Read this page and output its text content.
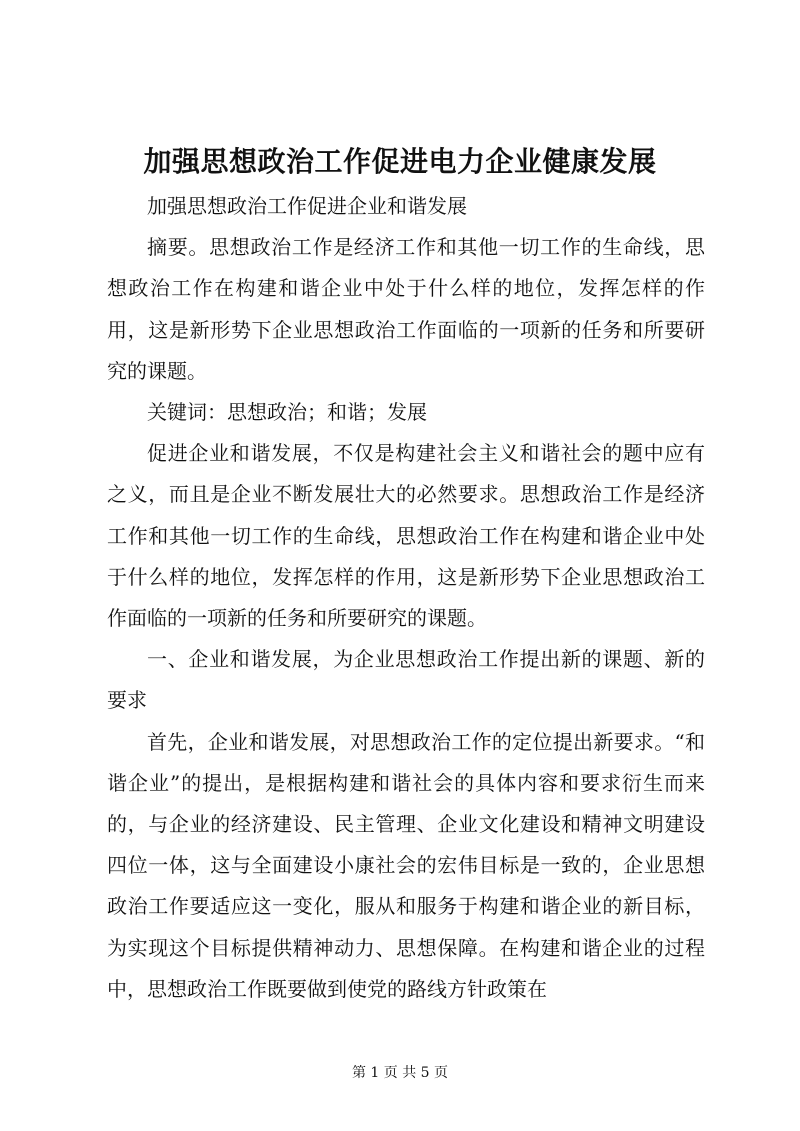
加强思想政治工作促进电力企业健康发展

加强思想政治工作促进企业和谐发展

摘要。思想政治工作是经济工作和其他一切工作的生命线，思想政治工作在构建和谐企业中处于什么样的地位，发挥怎样的作用，这是新形势下企业思想政治工作面临的一项新的任务和所要研究的课题。

关键词：思想政治；和谐；发展

促进企业和谐发展，不仅是构建社会主义和谐社会的题中应有之义，而且是企业不断发展壮大的必然要求。思想政治工作是经济工作和其他一切工作的生命线，思想政治工作在构建和谐企业中处于什么样的地位，发挥怎样的作用，这是新形势下企业思想政治工作面临的一项新的任务和所要研究的课题。

一、企业和谐发展，为企业思想政治工作提出新的课题、新的要求

首先，企业和谐发展，对思想政治工作的定位提出新要求。“和谐企业”的提出，是根据构建和谐社会的具体内容和要求衍生而来的，与企业的经济建设、民主管理、企业文化建设和精神文明建设四位一体，这与全面建设小康社会的宏伟目标是一致的，企业思想政治工作要适应这一变化，服从和服务于构建和谐企业的新目标，为实现这个目标提供精神动力、思想保障。在构建和谐企业的过程中，思想政治工作既要做到使党的路线方针政策在

第 1 页 共 5 页
